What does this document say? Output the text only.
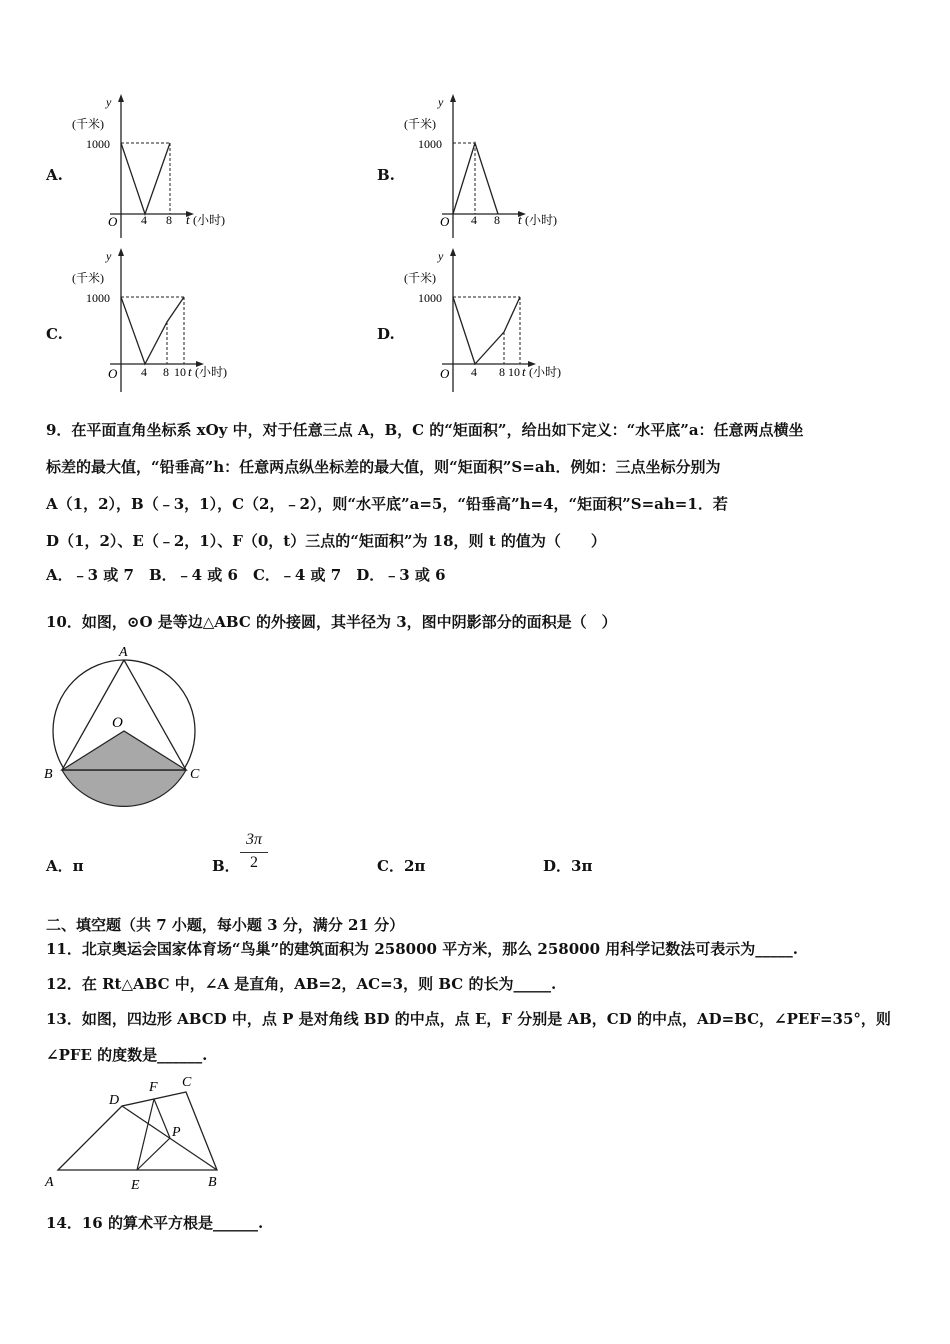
A.
y
(千米)
1000
O 4 8 t (小时)
B.
y
(千米)
1000
O 4 8 t (小时)
C.
y
(千米)
1000
O 4 8 10 t (小时)
D.
y
(千米)
1000
O 4 8 10 t (小时)
9．在平面直角坐标系 xOy 中，对于任意三点 A，B，C 的“矩面积”，给出如下定义：“水平底”a：任意两点横坐
标差的最大值，“铅垂高”h：任意两点纵坐标差的最大值，则“矩面积”S=ah．例如：三点坐标分别为
A（1，2），B（﹣3，1），C（2，﹣2），则“水平底”a=5，“铅垂高”h=4，“矩面积”S=ah=1．若
D（1，2）、E（﹣2，1）、F（0，t）三点的“矩面积”为 18，则 t 的值为（　　）
A．﹣3 或 7　B．﹣4 或 6　C．﹣4 或 7　D．﹣3 或 6
10．如图，⊙O 是等边△ABC 的外接圆，其半径为 3，图中阴影部分的面积是（　）
A
O
B	C
A．π	B．
3π
2	C．2π	D．3π
二、填空题（共 7 小题，每小题 3 分，满分 21 分）
11．北京奥运会国家体育场“鸟巢”的建筑面积为 258000 平方米，那么 258000 用科学记数法可表示为_____.
12．在 Rt△ABC 中，∠A 是直角，AB=2，AC=3，则 BC 的长为_____.
13．如图，四边形 ABCD 中，点 P 是对角线 BD 的中点，点 E，F 分别是 AB，CD 的中点，AD=BC，∠PEF=35°，则
∠PFE 的度数是______.
A	B
C
D
E
F
P
14．16 的算术平方根是______.
